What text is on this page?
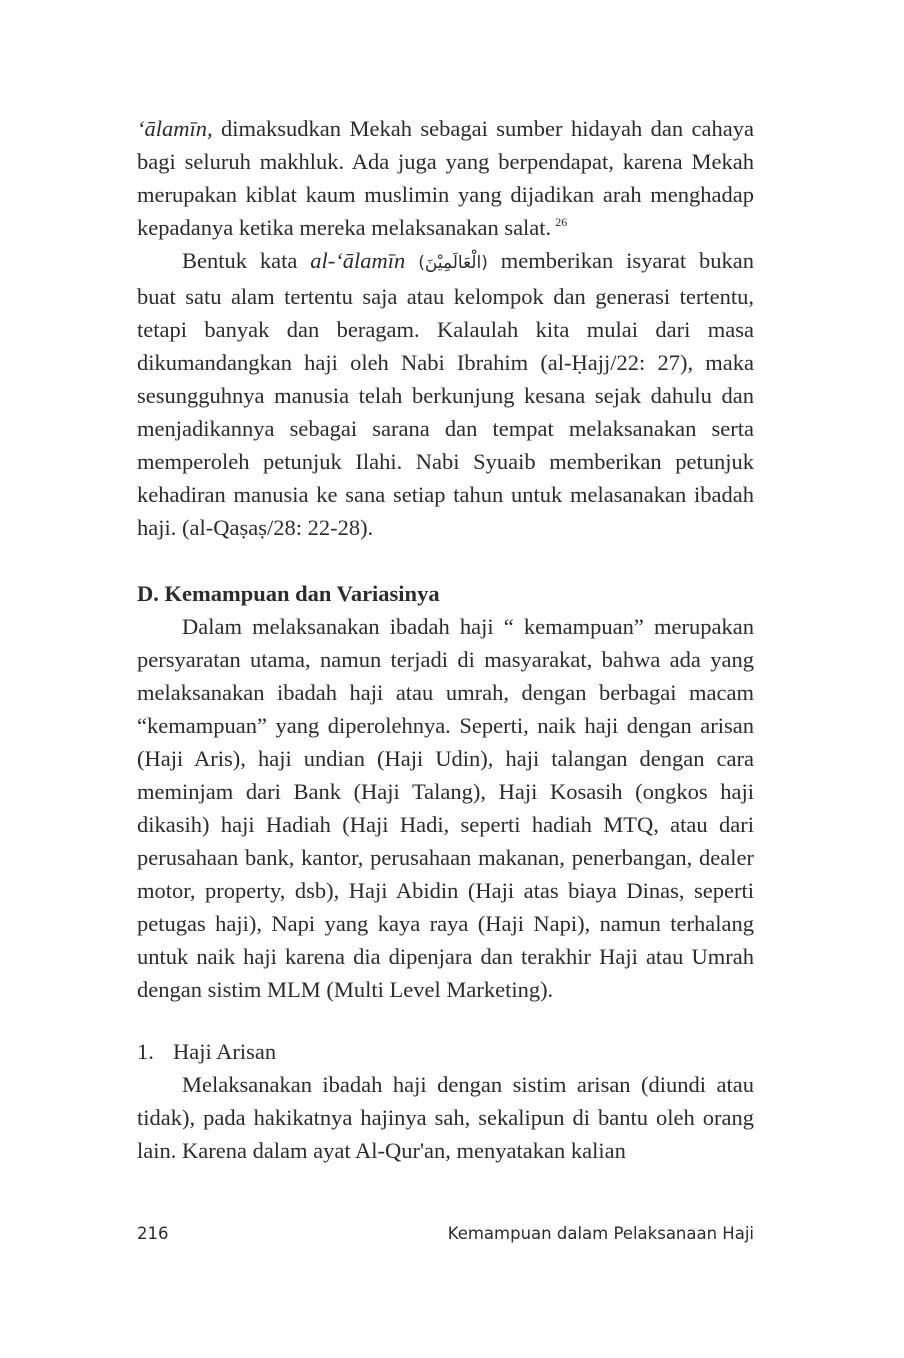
‘ālamīn, dimaksudkan Mekah sebagai sumber hidayah dan cahaya bagi seluruh makhluk. Ada juga yang berpendapat, karena Mekah merupakan kiblat kaum muslimin yang dijadikan arah menghadap kepadanya ketika mereka melaksanakan salat. $^{26}$

Bentuk kata al-‘ālamīn (الْعَالَمِيْنَ) memberikan isyarat bukan buat satu alam tertentu saja atau kelompok dan generasi tertentu, tetapi banyak dan beragam. Kalaulah kita mulai dari masa dikumandangkan haji oleh Nabi Ibrahim (al-Ḥajj/22: 27), maka sesungguhnya manusia telah berkunjung kesana sejak dahulu dan menjadikannya sebagai sarana dan tempat melaksanakan serta memperoleh petunjuk Ilahi. Nabi Syuaib memberikan petunjuk kehadiran manusia ke sana setiap tahun untuk melasanakan ibadah haji. (al-Qaṣaṣ/28: 22-28).

D. Kemampuan dan Variasinya

Dalam melaksanakan ibadah haji “ kemampuan” merupakan persyaratan utama, namun terjadi di masyarakat, bahwa ada yang melaksanakan ibadah haji atau umrah, dengan berbagai macam “kemampuan” yang diperolehnya. Seperti, naik haji dengan arisan (Haji Aris), haji undian (Haji Udin), haji talangan dengan cara meminjam dari Bank (Haji Talang), Haji Kosasih (ongkos haji dikasih) haji Hadiah (Haji Hadi, seperti hadiah MTQ, atau dari perusahaan bank, kantor, perusahaan makanan, penerbangan, dealer motor, property, dsb), Haji Abidin (Haji atas biaya Dinas, seperti petugas haji), Napi yang kaya raya (Haji Napi), namun terhalang untuk naik haji karena dia dipenjara dan terakhir Haji atau Umrah dengan sistim MLM (Multi Level Marketing).

1. Haji Arisan

Melaksanakan ibadah haji dengan sistim arisan (diundi atau tidak), pada hakikatnya hajinya sah, sekalipun di bantu oleh orang lain. Karena dalam ayat Al-Qur'an, menyatakan kalian

216	Kemampuan dalam Pelaksanaan Haji
